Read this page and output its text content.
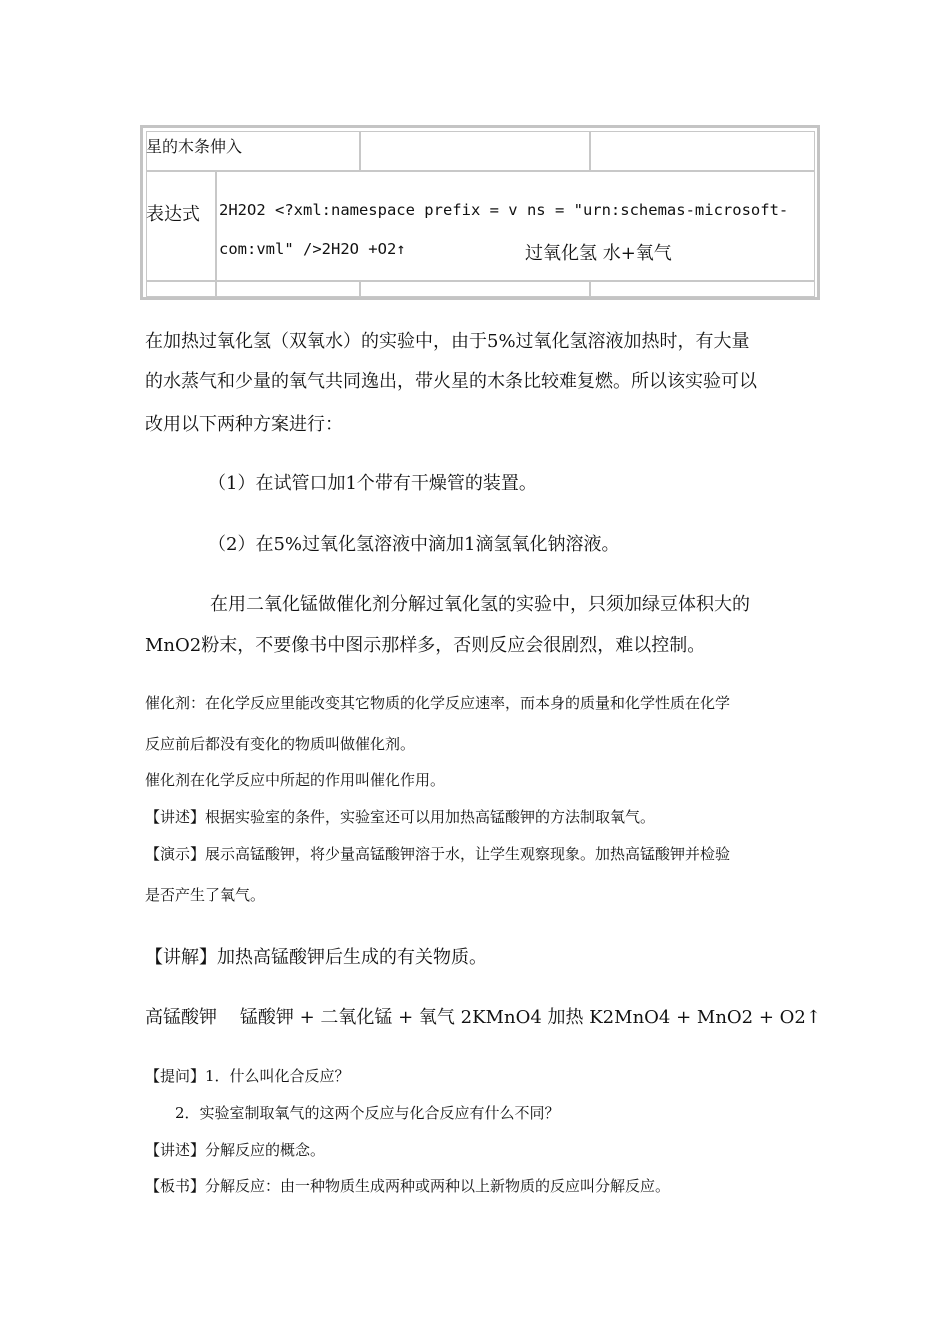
星的木条伸入
表达式 2H2O2 <?xml:namespace prefix = v ns = "urn:schemas-microsoft-
com:vml" />2H2O +O2↑	过氧化氢 水+氧气
在加热过氧化氢（双氧水）的实验中，由于5%过氧化氢溶液加热时，有大量
的水蒸气和少量的氧气共同逸出，带火星的木条比较难复燃。所以该实验可以
改用以下两种方案进行：
（1）在试管口加1个带有干燥管的装置。
（2）在5%过氧化氢溶液中滴加1滴氢氧化钠溶液。
在用二氧化锰做催化剂分解过氧化氢的实验中，只须加绿豆体积大的
MnO2粉末，不要像书中图示那样多，否则反应会很剧烈，难以控制。
催化剂：在化学反应里能改变其它物质的化学反应速率，而本身的质量和化学性质在化学
反应前后都没有变化的物质叫做催化剂。
催化剂在化学反应中所起的作用叫催化作用。
【讲述】根据实验室的条件，实验室还可以用加热高锰酸钾的方法制取氧气。
【演示】展示高锰酸钾，将少量高锰酸钾溶于水，让学生观察现象。加热高锰酸钾并检验
是否产生了氧气。
【讲解】加热高锰酸钾后生成的有关物质。
高锰酸钾    锰酸钾 + 二氧化锰 + 氧气 2KMnO4 加热 K2MnO4 + MnO2 + O2↑
【提问】1．什么叫化合反应？
2．实验室制取氧气的这两个反应与化合反应有什么不同？
【讲述】分解反应的概念。
【板书】分解反应：由一种物质生成两种或两种以上新物质的反应叫分解反应。
